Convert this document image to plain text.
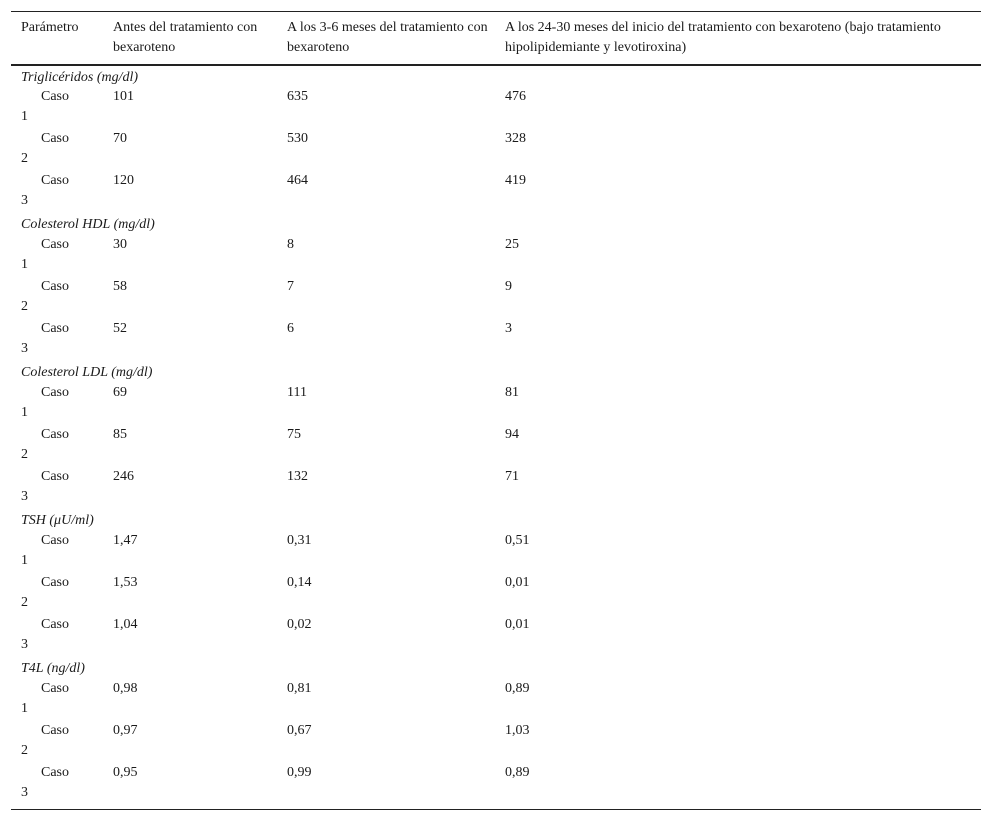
Parámetro	Antes del tratamiento con bexaroteno	A los 3-6 meses del tratamiento con bexaroteno	A los 24-30 meses del inicio del tratamiento con bexaroteno (bajo tratamiento hipolipidemiante y levotiroxina)
Triglicéridos (mg/dl)			

Caso
1	101	635	476

Caso
2	70	530	328

Caso
3	120	464	419

Colesterol HDL (mg/dl)			

Caso
1	30	8	25

Caso
2	58	7	9

Caso
3	52	6	3

Colesterol LDL (mg/dl)			

Caso
1	69	111	81

Caso
2	85	75	94

Caso
3	246	132	71

TSH (μU/ml)			

Caso
1	1,47	0,31	0,51

Caso
2	1,53	0,14	0,01

Caso
3	1,04	0,02	0,01

T4L (ng/dl)			

Caso
1	0,98	0,81	0,89

Caso
2	0,97	0,67	1,03

Caso
3	0,95	0,99	0,89
